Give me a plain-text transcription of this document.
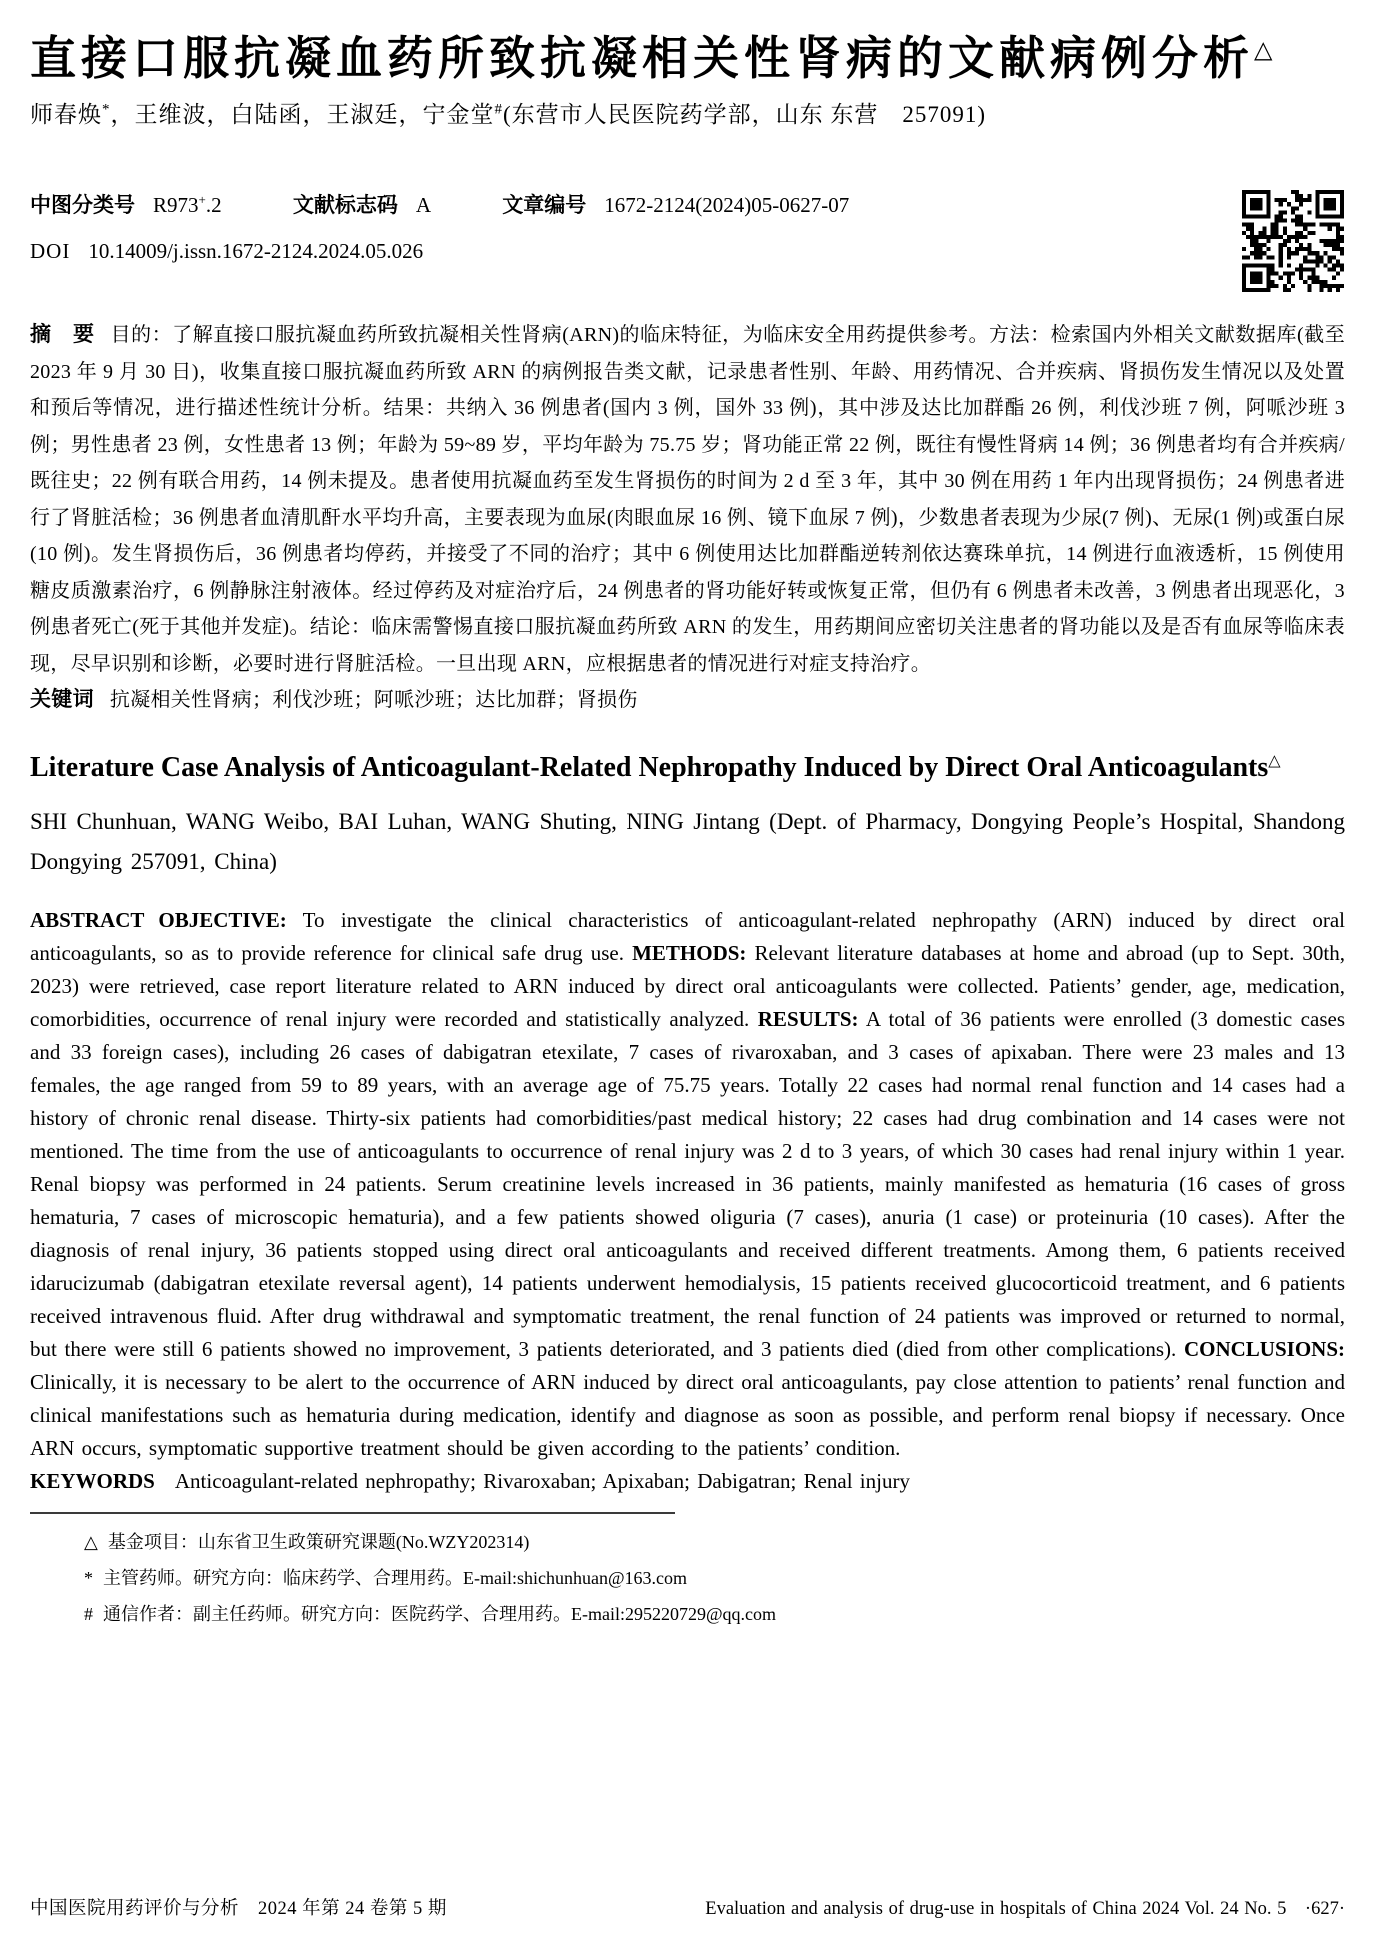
直接口服抗凝血药所致抗凝相关性肾病的文献病例分析△
师春焕*，王维波，白陆函，王淑廷，宁金堂#(东营市人民医院药学部，山东 东营　257091)
中图分类号 R973+.2	文献标志码 A	文章编号 1672-2124(2024)05-0627-07
DOI 10.14009/j.issn.1672-2124.2024.05.026

摘　要 目的：了解直接口服抗凝血药所致抗凝相关性肾病(ARN)的临床特征，为临床安全用药提供参考。方法：检索国内外相关文献数据库(截至 2023 年 9 月 30 日)，收集直接口服抗凝血药所致 ARN 的病例报告类文献，记录患者性别、年龄、用药情况、合并疾病、肾损伤发生情况以及处置和预后等情况，进行描述性统计分析。结果：共纳入 36 例患者(国内 3 例，国外 33 例)，其中涉及达比加群酯 26 例，利伐沙班 7 例，阿哌沙班 3 例；男性患者 23 例，女性患者 13 例；年龄为 59~89 岁，平均年龄为 75.75 岁；肾功能正常 22 例，既往有慢性肾病 14 例；36 例患者均有合并疾病/既往史；22 例有联合用药，14 例未提及。患者使用抗凝血药至发生肾损伤的时间为 2 d 至 3 年，其中 30 例在用药 1 年内出现肾损伤；24 例患者进行了肾脏活检；36 例患者血清肌酐水平均升高，主要表现为血尿(肉眼血尿 16 例、镜下血尿 7 例)，少数患者表现为少尿(7 例)、无尿(1 例)或蛋白尿(10 例)。发生肾损伤后，36 例患者均停药，并接受了不同的治疗；其中 6 例使用达比加群酯逆转剂依达赛珠单抗，14 例进行血液透析，15 例使用糖皮质激素治疗，6 例静脉注射液体。经过停药及对症治疗后，24 例患者的肾功能好转或恢复正常，但仍有 6 例患者未改善，3 例患者出现恶化，3 例患者死亡(死于其他并发症)。结论：临床需警惕直接口服抗凝血药所致 ARN 的发生，用药期间应密切关注患者的肾功能以及是否有血尿等临床表现，尽早识别和诊断，必要时进行肾脏活检。一旦出现 ARN，应根据患者的情况进行对症支持治疗。

关键词 抗凝相关性肾病；利伐沙班；阿哌沙班；达比加群；肾损伤

Literature Case Analysis of Anticoagulant-Related Nephropathy Induced by Direct Oral Anticoagulants△
SHI Chunhuan, WANG Weibo, BAI Luhan, WANG Shuting, NING Jintang (Dept. of Pharmacy, Dongying People’s Hospital, Shandong Dongying 257091, China)

ABSTRACT OBJECTIVE: To investigate the clinical characteristics of anticoagulant-related nephropathy (ARN) induced by direct oral anticoagulants, so as to provide reference for clinical safe drug use. METHODS: Relevant literature databases at home and abroad (up to Sept. 30th, 2023) were retrieved, case report literature related to ARN induced by direct oral anticoagulants were collected. Patients’ gender, age, medication, comorbidities, occurrence of renal injury were recorded and statistically analyzed. RESULTS: A total of 36 patients were enrolled (3 domestic cases and 33 foreign cases), including 26 cases of dabigatran etexilate, 7 cases of rivaroxaban, and 3 cases of apixaban. There were 23 males and 13 females, the age ranged from 59 to 89 years, with an average age of 75.75 years. Totally 22 cases had normal renal function and 14 cases had a history of chronic renal disease. Thirty-six patients had comorbidities/past medical history; 22 cases had drug combination and 14 cases were not mentioned. The time from the use of anticoagulants to occurrence of renal injury was 2 d to 3 years, of which 30 cases had renal injury within 1 year. Renal biopsy was performed in 24 patients. Serum creatinine levels increased in 36 patients, mainly manifested as hematuria (16 cases of gross hematuria, 7 cases of microscopic hematuria), and a few patients showed oliguria (7 cases), anuria (1 case) or proteinuria (10 cases). After the diagnosis of renal injury, 36 patients stopped using direct oral anticoagulants and received different treatments. Among them, 6 patients received idarucizumab (dabigatran etexilate reversal agent), 14 patients underwent hemodialysis, 15 patients received glucocorticoid treatment, and 6 patients received intravenous fluid. After drug withdrawal and symptomatic treatment, the renal function of 24 patients was improved or returned to normal, but there were still 6 patients showed no improvement, 3 patients deteriorated, and 3 patients died (died from other complications). CONCLUSIONS: Clinically, it is necessary to be alert to the occurrence of ARN induced by direct oral anticoagulants, pay close attention to patients’ renal function and clinical manifestations such as hematuria during medication, identify and diagnose as soon as possible, and perform renal biopsy if necessary. Once ARN occurs, symptomatic supportive treatment should be given according to the patients’ condition.

KEYWORDS Anticoagulant-related nephropathy; Rivaroxaban; Apixaban; Dabigatran; Renal injury

△ 基金项目：山东省卫生政策研究课题(No.WZY202314)
* 主管药师。研究方向：临床药学、合理用药。E-mail:shichunhuan@163.com
# 通信作者：副主任药师。研究方向：医院药学、合理用药。E-mail:295220729@qq.com
中国医院用药评价与分析　2024 年第 24 卷第 5 期	Evaluation and analysis of drug-use in hospitals of China 2024 Vol. 24 No. 5　·627·
